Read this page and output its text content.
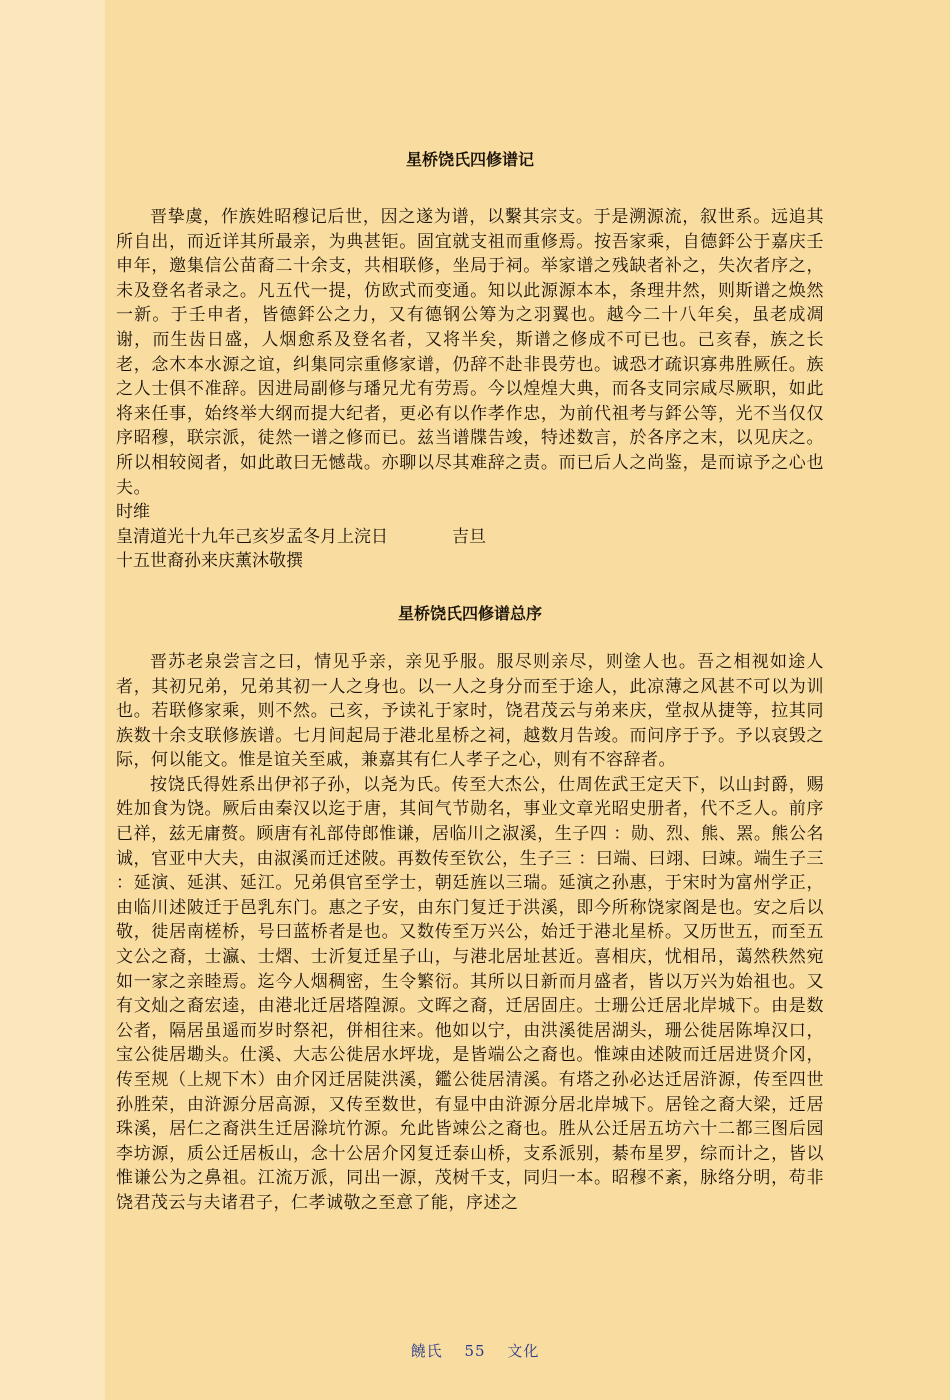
星桥饶氏四修谱记

晋挚虞，作族姓昭穆记后世，因之遂为谱，以繫其宗支。于是溯源流，叙世系。远追其所自出，而近详其所最亲，为典甚钜。固宜就支祖而重修焉。按吾家乘，自德銔公于嘉庆壬申年，邀集信公苗裔二十余支，共相联修，坐局于祠。举家谱之残缺者补之，失次者序之，未及登名者录之。凡五代一提，仿欧式而变通。知以此源源本本，条理井然，则斯谱之焕然一新。于壬申者，皆德銔公之力，又有德钢公筹为之羽翼也。越今二十八年矣，虽老成凋谢，而生齿日盛，人烟愈系及登名者，又将半矣，斯谱之修成不可已也。己亥春，族之长老，念木本水源之谊，纠集同宗重修家谱，仍辞不赴非畏劳也。诚恐才疏识寡弗胜厥任。族之人士俱不准辞。因进局副修与璠兄尤有劳焉。今以煌煌大典，而各支同宗咸尽厥职，如此将来任事，始终举大纲而提大纪者，更必有以作孝作忠，为前代祖考与銔公等，光不当仅仅序昭穆，联宗派，徒然一谱之修而已。兹当谱牒告竣，特述数言，於各序之末，以见庆之。所以相较阅者，如此敢曰无憾哉。亦聊以尽其难辞之责。而已后人之尚鉴，是而谅予之心也夫。

时维

皇清道光十九年己亥岁孟冬月上浣日	吉旦

十五世裔孙来庆薰沐敬撰

星桥饶氏四修谱总序

晋苏老泉尝言之曰，情见乎亲，亲见乎服。服尽则亲尽，则塗人也。吾之相视如途人者，其初兄弟，兄弟其初一人之身也。以一人之身分而至于途人，此凉薄之风甚不可以为训也。若联修家乘，则不然。己亥，予读礼于家时，饶君茂云与弟来庆，堂叔从捷等，拉其同族数十余支联修族谱。七月间起局于港北星桥之祠，越数月告竣。而问序于予。予以哀毁之际，何以能文。惟是谊关至戚，兼嘉其有仁人孝子之心，则有不容辞者。

按饶氏得姓系出伊祁子孙，以尧为氏。传至大杰公，仕周佐武王定天下，以山封爵，赐姓加食为饶。厥后由秦汉以迄于唐，其间气节勋名，事业文章光昭史册者，代不乏人。前序已祥，兹无庸赘。顾唐有礼部侍郎惟谦，居临川之淑溪，生子四 ：勋、烈、熊、罴。熊公名诚，官亚中大夫，由淑溪而迁述陂。再数传至钦公，生子三 ：曰端、曰翊、曰竦。端生子三 ：延演、延淇、延江。兄弟俱官至学士，朝廷旌以三瑞。延演之孙惠，于宋时为富州学正，由临川述陂迁于邑乳东门。惠之子安，由东门复迁于洪溪，即今所称饶家阁是也。安之后以敬，徙居南槎桥，号曰蓝桥者是也。又数传至万兴公，始迁于港北星桥。又历世五，而至五文公之裔，士瀛、士熠、士沂复迁星子山，与港北居址甚近。喜相庆，忧相吊，蔼然秩然宛如一家之亲睦焉。迄今人烟稠密，生令繁衍。其所以日新而月盛者，皆以万兴为始祖也。又有文灿之裔宏逵，由港北迁居塔隍源。文晖之裔，迁居固庄。士珊公迁居北岸城下。由是数公者，隔居虽遥而岁时祭祀，併相往来。他如以宁，由洪溪徙居湖头，珊公徙居陈埠汉口，宝公徙居墈头。仕溪、大志公徙居水坪垅，是皆端公之裔也。惟竦由述陂而迁居进贤介冈，传至规（上规下木）由介冈迁居陡洪溪，鑑公徙居清溪。有塔之孙必达迁居浒源，传至四世孙胜荣，由浒源分居高源，又传至数世，有显中由浒源分居北岸城下。居铨之裔大梁，迁居珠溪，居仁之裔洪生迁居滁坑竹源。允此皆竦公之裔也。胜从公迁居五坊六十二都三图后园李坊源，质公迁居板山，念十公居介冈复迁泰山桥，支系派别，綦布星罗，综而计之，皆以惟谦公为之鼻祖。江流万派，同出一源，茂树千支，同归一本。昭穆不紊，脉络分明，苟非饶君茂云与夫诸君子，仁孝诚敬之至意了能，序述之

饒氏 55 文化
